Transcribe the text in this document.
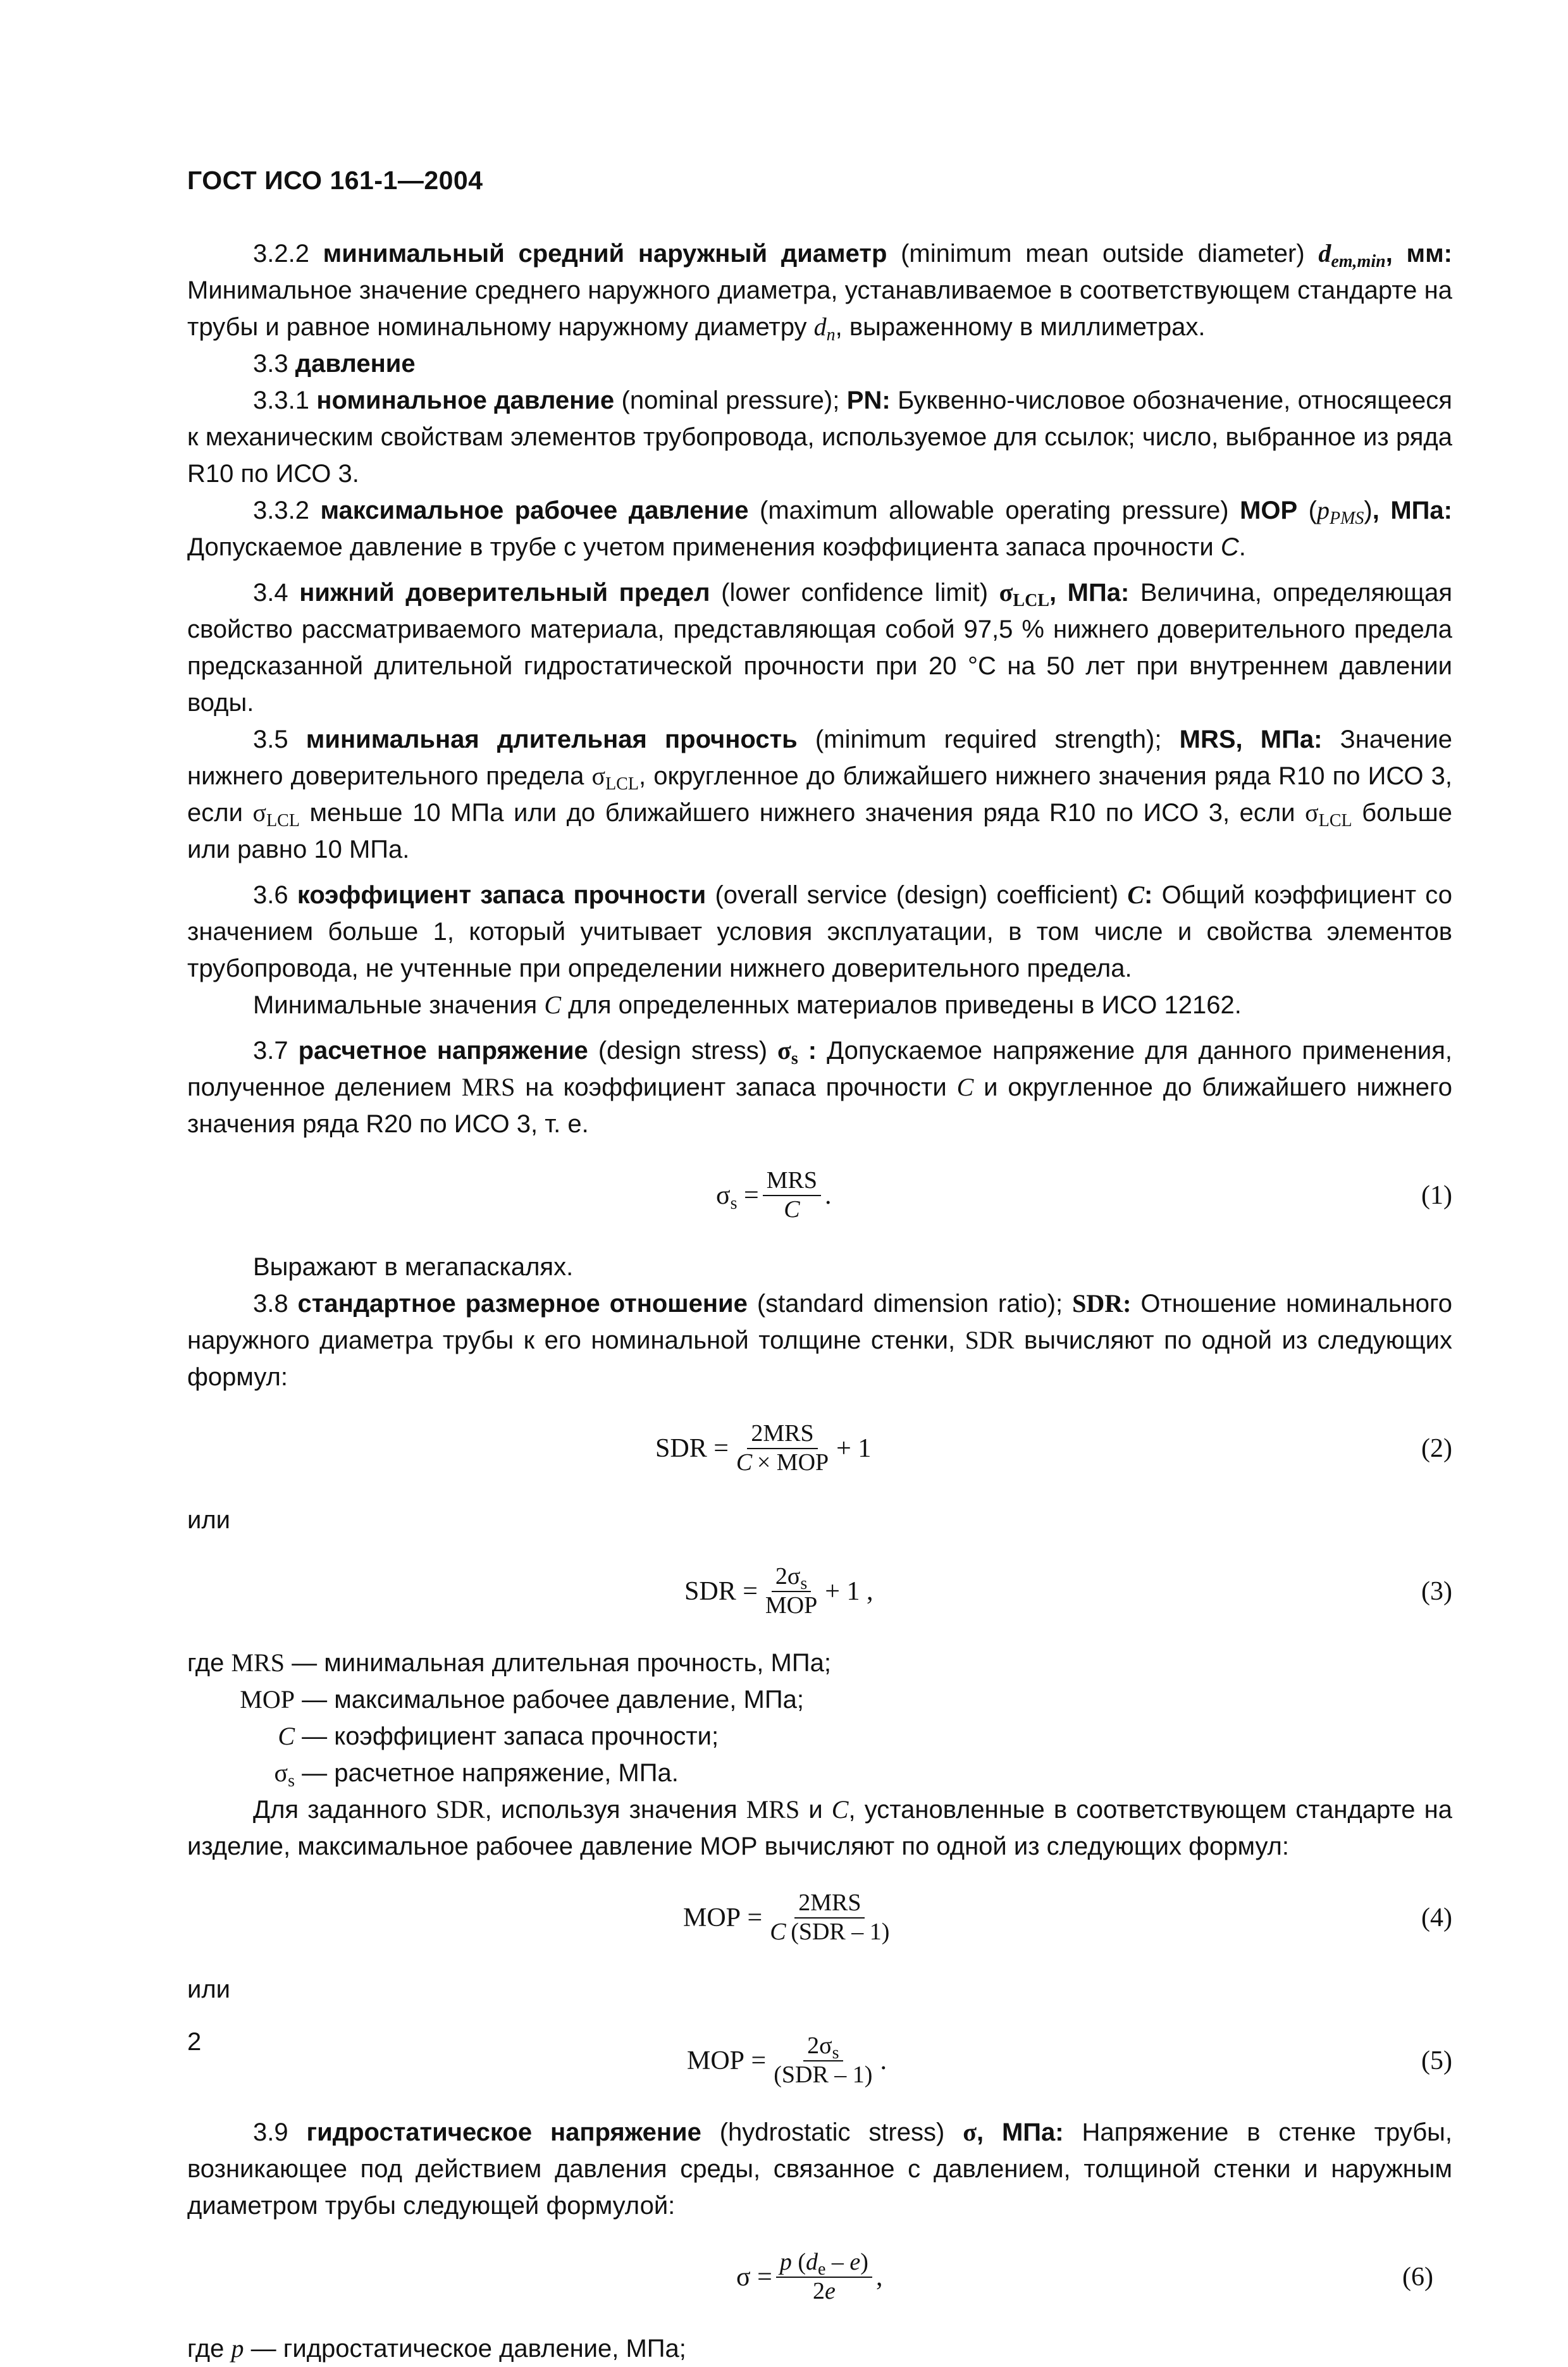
ГОСТ ИСО 161-1—2004

3.2.2 минимальный средний наружный диаметр (minimum mean outside diameter) $d_{em,min}$, мм: Минимальное значение среднего наружного диаметра, устанавливаемое в соответствующем стандарте на трубы и равное номинальному наружному диаметру $d_n$, выраженному в миллиметрах.

3.3 давление

3.3.1 номинальное давление (nominal pressure); PN: Буквенно-числовое обозначение, относящееся к механическим свойствам элементов трубопровода, используемое для ссылок; число, выбранное из ряда R10 по ИСО 3.

3.3.2 максимальное рабочее давление (maximum allowable operating pressure) MOP $(p_{PMS})$, МПа: Допускаемое давление в трубе с учетом применения коэффициента запаса прочности C.

3.4 нижний доверительный предел (lower confidence limit) $\sigma_{LCL}$, МПа: Величина, определяющая свойство рассматриваемого материала, представляющая собой 97,5 % нижнего доверительного предела предсказанной длительной гидростатической прочности при 20 °С на 50 лет при внутреннем давлении воды.

3.5 минимальная длительная прочность (minimum required strength); MRS, МПа: Значение нижнего доверительного предела $\sigma_{LCL}$, округленное до ближайшего нижнего значения ряда R10 по ИСО 3, если $\sigma_{LCL}$ меньше 10 МПа или до ближайшего нижнего значения ряда R10 по ИСО 3, если $\sigma_{LCL}$ больше или равно 10 МПа.

3.6 коэффициент запаса прочности (overall service (design) coefficient) C: Общий коэффициент со значением больше 1, который учитывает условия эксплуатации, в том числе и свойства элементов трубопровода, не учтенные при определении нижнего доверительного предела.

Минимальные значения C для определенных материалов приведены в ИСО 12162.

3.7 расчетное напряжение (design stress) $\sigma_s$ : Допускаемое напряжение для данного применения, полученное делением MRS на коэффициент запаса прочности C и округленное до ближайшего нижнего значения ряда R20 по ИСО 3, т. е.

$\sigma_s$
= $\frac{\text{MRS}}{C}$ .	(1)

Выражают в мегапаскалях.

3.8 стандартное размерное отношение (standard dimension ratio); SDR: Отношение номинального наружного диаметра трубы к его номинальной толщине стенки, SDR вычисляют по одной из следующих формул:

SDR
= $\frac{\text{2MRS}}{\text{C  × MOP}} + 1$	(2)

или

SDR
= $\frac{2\sigma_s}{\text{MOP}} + 1$ ,	(3)
где
MRS
— минимальная длительная прочность, МПа;
MOP
— максимальное рабочее давление, МПа;
C
— коэффициент запаса прочности;
$\sigma_s$
— расчетное напряжение, МПа.

Для заданного SDR, используя значения MRS и C, установленные в соответствующем стандарте на изделие, максимальное рабочее давление МОР вычисляют по одной из следующих формул:

MOP
= $\frac{\text{2MRS}}{\text{C  (SDR – 1)}}$	(4)

или

MOP
= $\frac{2\sigma_s}{\text{(SDR – 1)}}$ .	(5)

3.9 гидростатическое напряжение (hydrostatic stress) σ, МПа: Напряжение в стенке трубы, возникающее под действием давления среды, связанное с давлением, толщиной стенки и наружным диаметром трубы следующей формулой:

σ
= $\frac{p (d_e - e)}{2e}$ ,	(6)

где p — гидростатическое давление, МПа;

2
